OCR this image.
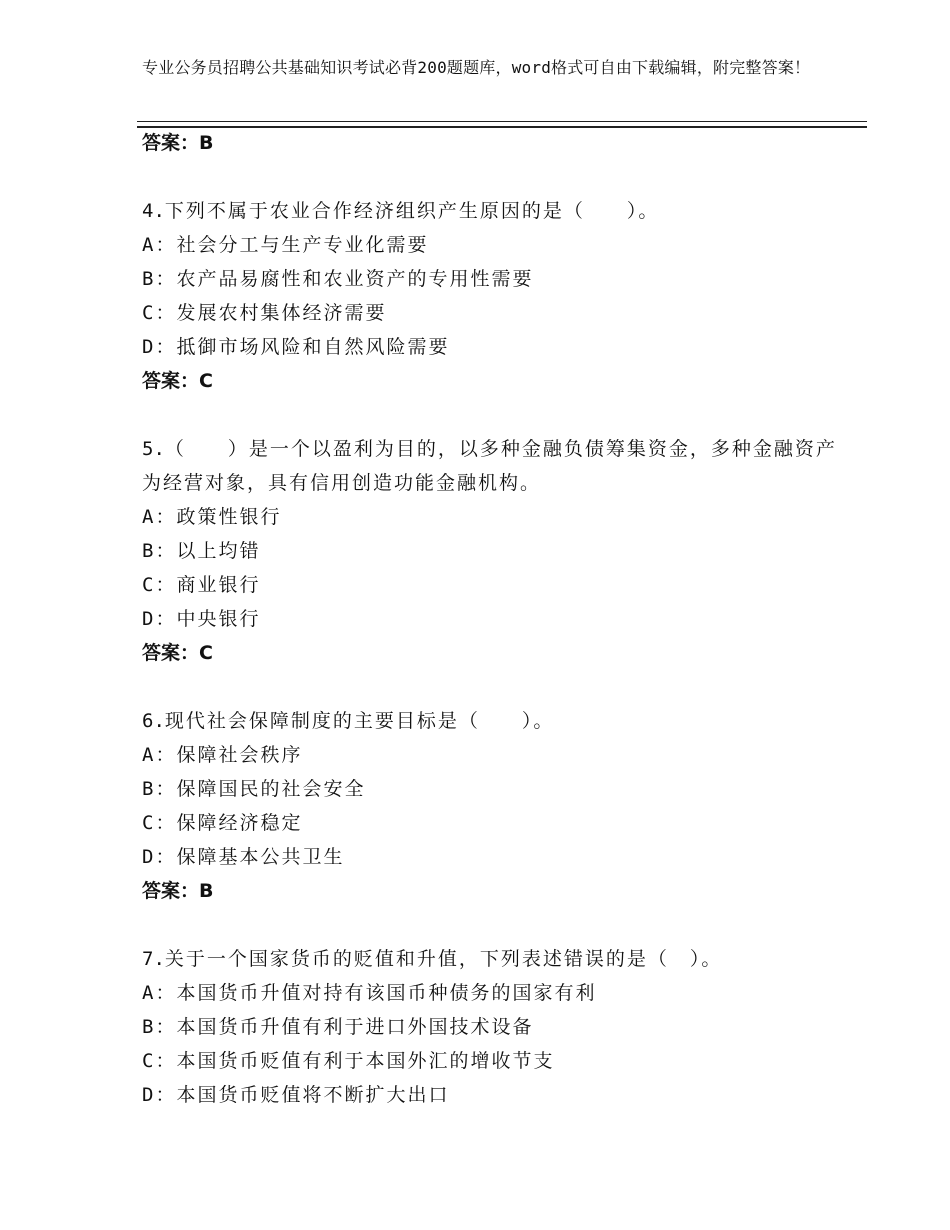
专业公务员招聘公共基础知识考试必背200题题库，word格式可自由下载编辑，附完整答案！
答案：B
4.下列不属于农业合作经济组织产生原因的是（　　）。
A：社会分工与生产专业化需要
B：农产品易腐性和农业资产的专用性需要
C：发展农村集体经济需要
D：抵御市场风险和自然风险需要
答案：C
5.（　　）是一个以盈利为目的，以多种金融负债筹集资金，多种金融资产为经营对象，具有信用创造功能金融机构。
A：政策性银行
B：以上均错
C：商业银行
D：中央银行
答案：C
6.现代社会保障制度的主要目标是（　　）。
A：保障社会秩序
B：保障国民的社会安全
C：保障经济稳定
D：保障基本公共卫生
答案：B
7.关于一个国家货币的贬值和升值，下列表述错误的是（　）。
A：本国货币升值对持有该国币种债务的国家有利
B：本国货币升值有利于进口外国技术设备
C：本国货币贬值有利于本国外汇的增收节支
D：本国货币贬值将不断扩大出口
